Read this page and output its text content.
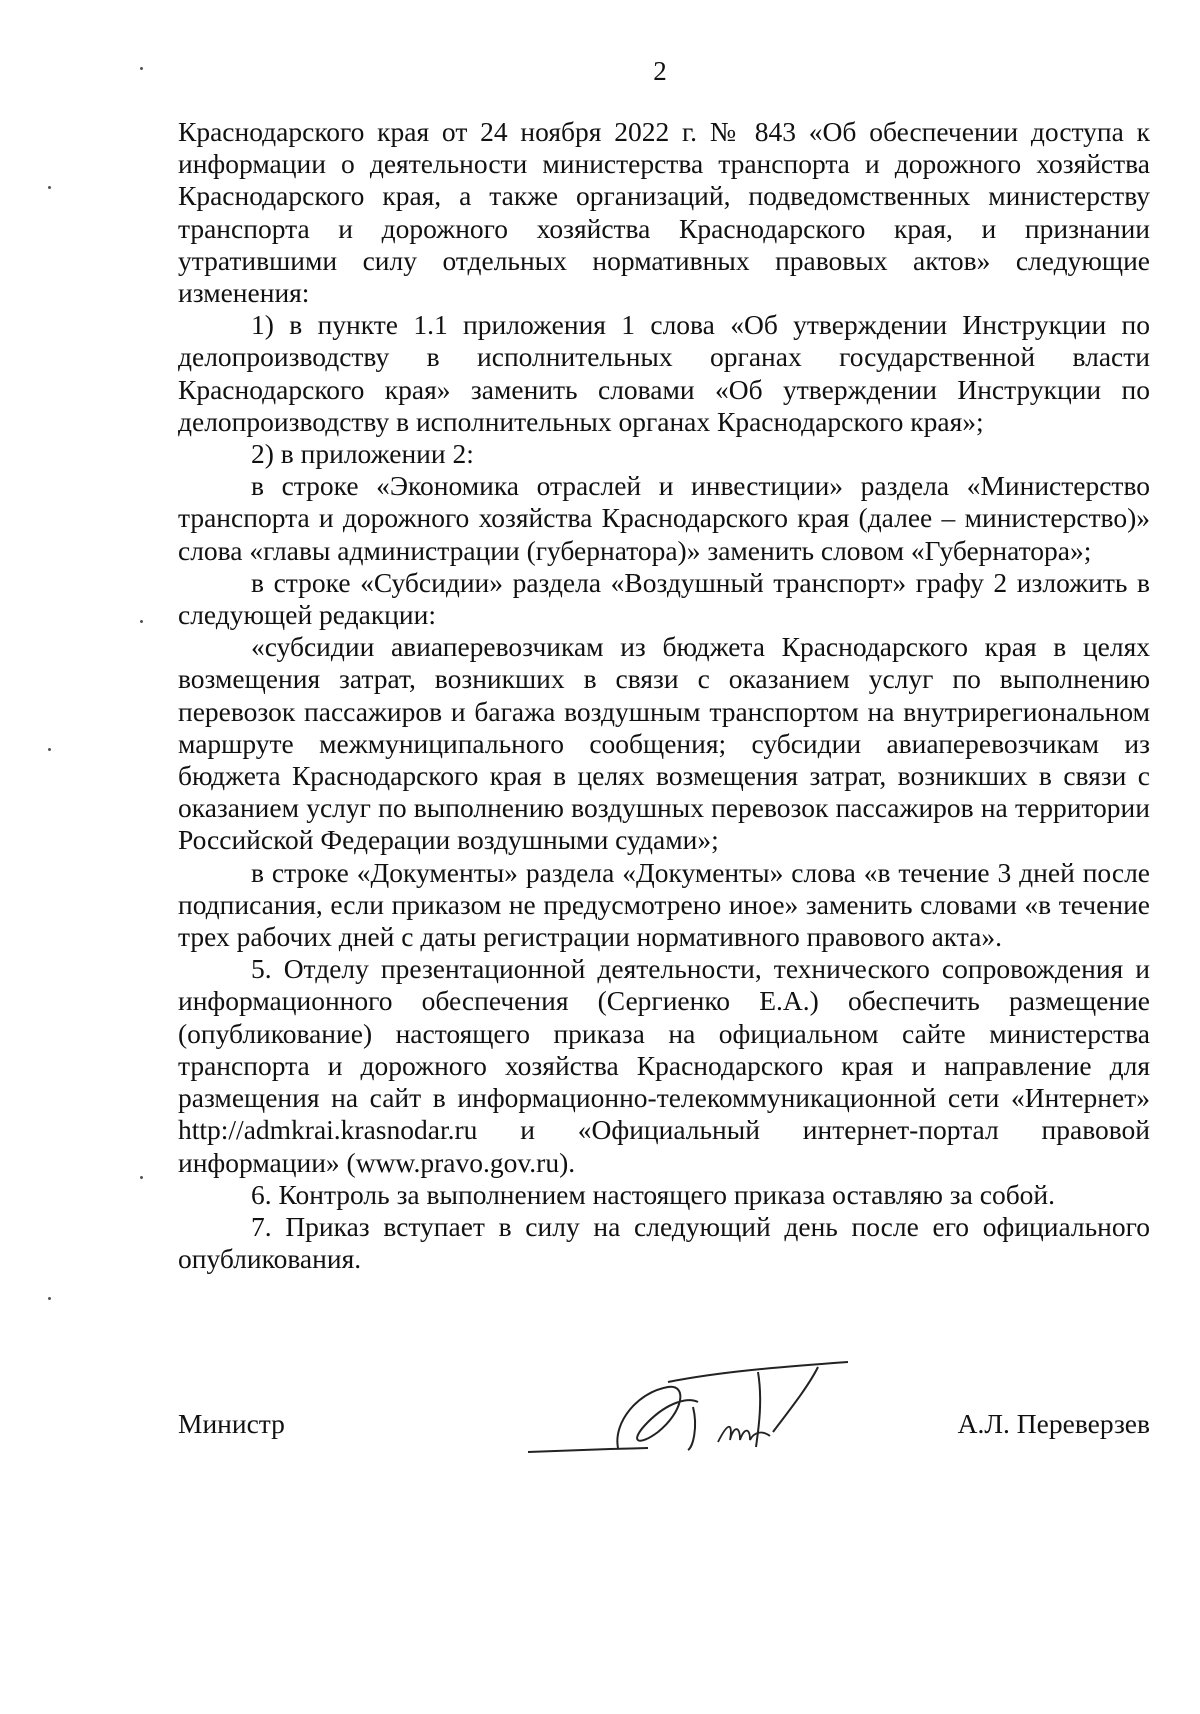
2

Краснодарского края от 24 ноября 2022 г. № 843 «Об обеспечении доступа к информации о деятельности министерства транспорта и дорожного хозяйства Краснодарского края, а также организаций, подведомственных министерству транспорта и дорожного хозяйства Краснодарского края, и признании утратившими силу отдельных нормативных правовых актов» следующие изменения:

1) в пункте 1.1 приложения 1 слова «Об утверждении Инструкции по делопроизводству в исполнительных органах государственной власти Краснодарского края» заменить словами «Об утверждении Инструкции по делопроизводству в исполнительных органах Краснодарского края»;

2) в приложении 2:

в строке «Экономика отраслей и инвестиции» раздела «Министерство транспорта и дорожного хозяйства Краснодарского края (далее – министерство)» слова «главы администрации (губернатора)» заменить словом «Губернатора»;

в строке «Субсидии» раздела «Воздушный транспорт» графу 2 изложить в следующей редакции:

«субсидии авиаперевозчикам из бюджета Краснодарского края в целях возмещения затрат, возникших в связи с оказанием услуг по выполнению перевозок пассажиров и багажа воздушным транспортом на внутрирегиональном маршруте межмуниципального сообщения; субсидии авиаперевозчикам из бюджета Краснодарского края в целях возмещения затрат, возникших в связи с оказанием услуг по выполнению воздушных перевозок пассажиров на территории Российской Федерации воздушными судами»;

в строке «Документы» раздела «Документы» слова «в течение 3 дней после подписания, если приказом не предусмотрено иное» заменить словами «в течение трех рабочих дней с даты регистрации нормативного правового акта».

5. Отделу презентационной деятельности, технического сопровождения и информационного обеспечения (Сергиенко Е.А.) обеспечить размещение (опубликование) настоящего приказа на официальном сайте министерства транспорта и дорожного хозяйства Краснодарского края и направление для размещения на сайт в информационно-телекоммуникационной сети «Интернет» http://admkrai.krasnodar.ru и «Официальный интернет-портал правовой информации» (www.pravo.gov.ru).

6. Контроль за выполнением настоящего приказа оставляю за собой.

7. Приказ вступает в силу на следующий день после его официального опубликования.

Министр	А.Л. Переверзев
